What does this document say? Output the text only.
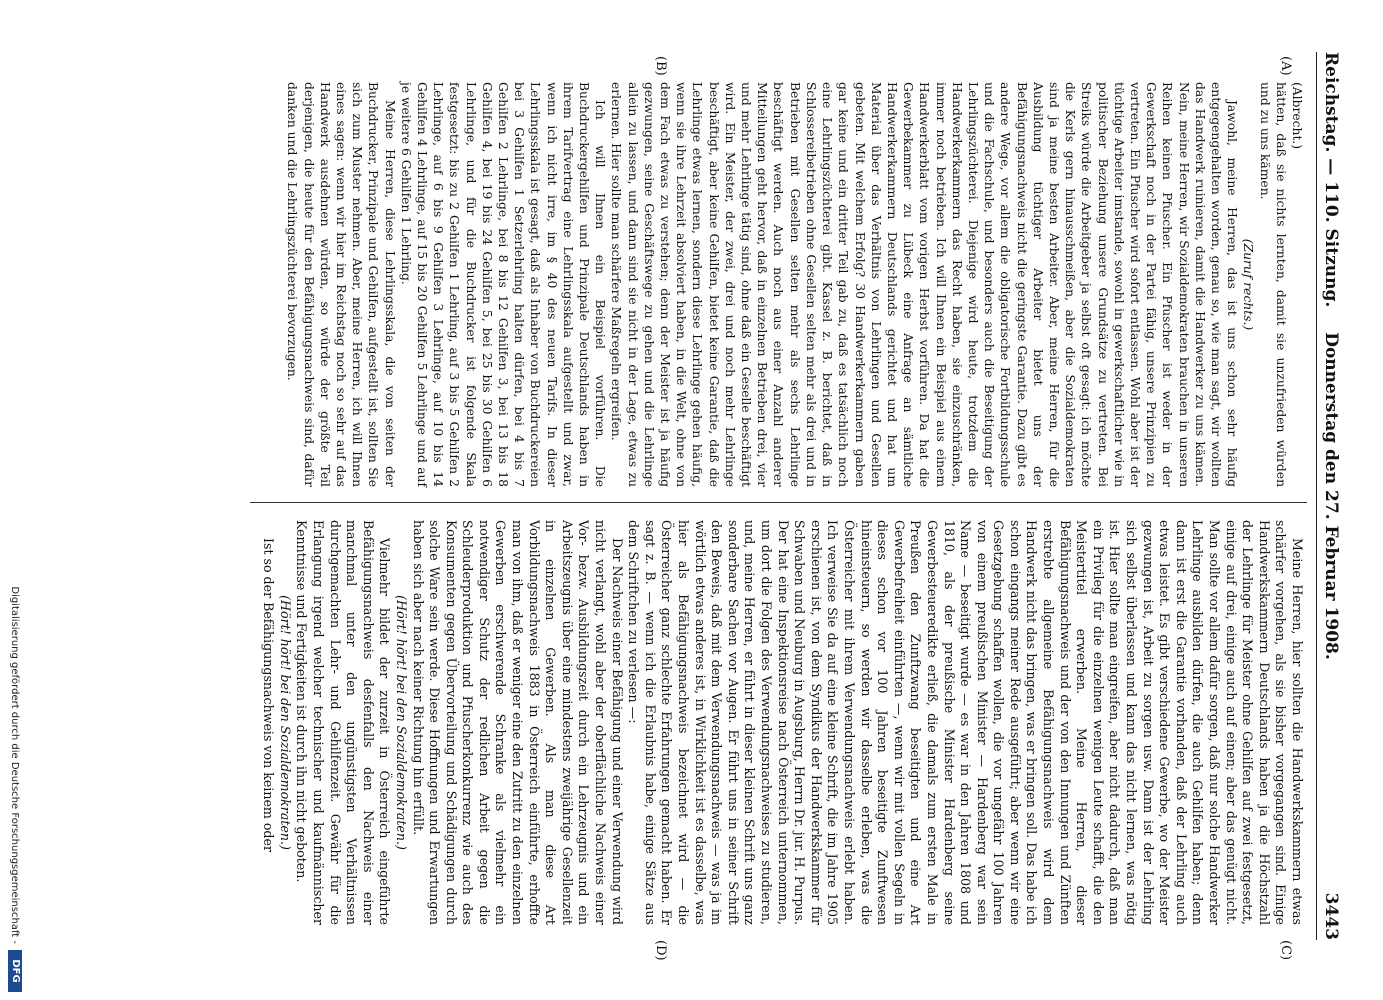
Reichstag. — 110. Sitzung.
Donnerstag den 27. Februar 1908.
3443
(A)
(B)
(C)
(D)

(Albrecht.)

hätten, daß sie nichts lernten, damit sie unzufrieden würden und zu uns kämen.

(Zuruf rechts.)

Jawohl, meine Herren, das ist uns schon sehr häufig entgegengehalten worden, genau so, wie man sagt, wir wollten das Handwerk ruinieren, damit die Handwerker zu uns kämen. Nein, meine Herren, wir Sozialdemokraten brauchen in unseren Reihen keinen Pfuscher. Ein Pfuscher ist weder in der Gewerkschaft noch in der Partei fähig, unsere Prinzipien zu vertreten. Ein Pfuscher wird sofort entlassen. Wohl aber ist der tüchtige Arbeiter imstande, sowohl in gewerkschaftlicher wie in politischer Beziehung unsere Grundsätze zu vertreten. Bei Streiks würde die Arbeitgeber ja selbst oft gesagt: ich möchte die Kerls gern hinausschmeißen, aber die Sozialdemokraten sind ja meine besten Arbeiter. Aber, meine Herren, für die Ausbildung tüchtiger Arbeiter bietet uns der Befähigungsnachweis nicht die geringste Garantie. Dazu gibt es andere Wege, vor allem die obligatorische Fortbildungsschule und die Fachschule, und besonders auch die Beseitigung der Lehrlingszüchterei. Diejenige wird heute, trotzdem die Handwerkerkammern das Recht haben, sie einzuschränken, immer noch betrieben. Ich will Ihnen ein Beispiel aus einem Handwerkerblatt vom vorigen Herbst vorführen. Da hat die Gewerbekammer zu Lübeck eine Anfrage an sämtliche Handwerkerkammern Deutschlands gerichtet und hat um Material über das Verhältnis von Lehrlingen und Gesellen gebeten. Mit welchem Erfolg? 30 Handwerkerkammern gaben gar keine und ein dritter Teil gab zu, daß es tatsächlich noch eine Lehrlingszüchterei gibt. Kassel z. B. berichtet, daß in Schlossereibetrieben ohne Gesellen selten mehr als drei und in Betrieben mit Gesellen selten mehr als sechs Lehrlinge beschäftigt werden. Auch noch aus einer Anzahl anderer Mitteilungen geht hervor, daß in einzelnen Betrieben drei, vier und mehr Lehrlinge tätig sind, ohne daß ein Geselle beschäftigt wird. Ein Meister, der zwei, drei und noch mehr Lehrlinge beschäftigt, aber keine Gehilfen, bietet keine Garantie, daß die Lehrlinge etwas lernen, sondern diese Lehrlinge gehen häufig, wenn sie ihre Lehrzeit absolviert haben, in die Welt, ohne von dem Fach etwas zu verstehen; denn der Meister ist ja häufig gezwungen, seine Geschäftswege zu gehen und die Lehrlinge allein zu lassen, und dann sind sie nicht in der Lage, etwas zu erlernen. Hier sollte man schärfere Maßregeln ergreifen.

Ich will Ihnen ein Beispiel vorführen. Die Buchdruckergehilfen und Prinzipale Deutschlands haben in ihrem Tarifvertrag eine Lehrlingsskala aufgestellt und zwar, wenn ich nicht irre, im § 40 des neuen Tarifs. In dieser Lehrlingsskala ist gesagt, daß als Inhaber von Buchdruckereien bei 3 Gehilfen 1 Setzerlehrling halten dürfen, bei 4 bis 7 Gehilfen 2 Lehrlinge, bei 8 bis 12 Gehilfen 3, bei 13 bis 18 Gehilfen 4, bei 19 bis 24 Gehilfen 5, bei 25 bis 30 Gehilfen 6 Lehrlinge, und für die Buchdrucker ist folgende Skala festgesetzt: bis zu 2 Gehilfen 1 Lehrling, auf 3 bis 5 Gehilfen 2 Lehrlinge, auf 6 bis 9 Gehilfen 3 Lehrlinge, auf 10 bis 14 Gehilfen 4 Lehrlinge, auf 15 bis 20 Gehilfen 5 Lehrlinge und auf je weitere 6 Gehilfen 1 Lehrling.

Meine Herren, diese Lehrlingsskala, die von seiten der Buchdrucker, Prinzipale und Gehilfen, aufgestellt ist, sollten Sie sich zum Muster nehmen. Aber, meine Herren, ich will Ihnen eines sagen: wenn wir hier im Reichstag noch so sehr auf das Handwerk ausdehnen würden, so würde der größte Teil derjenigen, die heute für den Befähigungsnachweis sind, dafür danken und die Lehrlingszüchterei bevorzugen.

Meine Herren, hier sollten die Handwerkskammern etwas schärfer vorgehen, als sie bisher vorgegangen sind. Einige Handwerkskammern Deutschlands haben ja die Höchstzahl der Lehrlinge für Meister ohne Gehilfen auf zwei festgesetzt, einige auf drei, einige auch auf einen; aber das genügt nicht. Man sollte vor allem dafür sorgen, daß nur solche Handwerker Lehrlinge ausbilden dürfen, die auch Gehilfen haben; denn dann ist erst die Garantie vorhanden, daß der Lehrling auch etwas leistet. Es gibt verschiedene Gewerbe, wo der Meister gezwungen ist, Arbeit zu sorgen usw. Dann ist der Lehrling sich selbst überlassen und kann das nicht lernen, was nötig ist. Hier sollte man eingreifen, aber nicht dadurch, daß man ein Privileg für die einzelnen wenigen Leute schafft, die den Meistertitel erwerben. Meine Herren, dieser Befähigungsnachweis und der von den Innungen und Zünften erstrebte allgemeine Befähigungsnachweis wird dem Handwerk nicht das bringen, was er bringen soll. Das habe ich schon eingangs meiner Rede ausgeführt; aber wenn wir eine Gesetzgebung schaffen wollen, die vor ungefähr 100 Jahren von einem preußischen Minister — Hardenberg war sein Name — beseitigt wurde — es war in den Jahren 1808 und 1810, als der preußische Minister Hardenberg seine Gewerbesteueredikte erließ, die damals zum ersten Male in Preußen den Zunftzwang beseitigten und eine Art Gewerbefreiheit einführten —, wenn wir mit vollen Segeln in dieses schon vor 100 Jahren beseitigte Zunftwesen hineinsteuern, so werden wir dasselbe erleben, was die Österreicher mit ihrem Verwendungsnachweis erlebt haben. Ich verweise Sie da auf eine kleine Schrift, die im Jahre 1905 erschienen ist, von dem Syndikus der Handwerkskammer für Schwaben und Neuburg in Augsburg, Herrn Dr. jur. H. Purpus. Der hat eine Inspektionsreise nach Österreich unternommen, um dort die Folgen des Verwendungsnachweises zu studieren, und, meine Herren, er führt in dieser kleinen Schrift uns ganz sonderbare Sachen vor Augen. Er führt uns in seiner Schrift den Beweis, daß mit dem Verwendungsnachweis — was ja im wörtlich etwas anderes ist, in Wirklichkeit ist es dasselbe, was hier als Befähigungsnachweis bezeichnet wird — die Österreicher ganz schlechte Erfahrungen gemacht haben. Er sagt z. B. — wenn ich die Erlaubnis habe, einige Sätze aus dem Schriftchen zu verlesen —:

Der Nachweis einer Befähigung und einer Verwendung wird nicht verlangt, wohl aber der oberflächliche Nachweis einer Vor- bezw. Ausbildungszeit durch ein Lehrzeugnis und ein Arbeitszeugnis über eine mindestens zweijährige Gesellenzeit in einzelnen Gewerben. Als man diese Art Vorbildungsnachweis 1883 in Österreich einführte, erhoffte man von ihm, daß er weniger eine den Zutritt zu den einzelnen Gewerben erschwerende Schranke als vielmehr ein notwendiger Schutz der redlichen Arbeit gegen die Schleuderproduktion und Pfuscherkonkurrenz wie auch des Konsumenten gegen Übervorteilung und Schädigungen durch solche Ware sein werde. Diese Hoffnungen und Erwartungen haben sich aber nach keiner Richtung hin erfüllt.

(Hört! hört! bei den Sozialdemokraten.)

Vielmehr bildet der zurzeit in Österreich eingeführte Befähigungsnachweis desfenfalls den Nachweis einer manchmal unter den ungünstigsten Verhältnissen durchgemachten Lehr- und Gehilfenzeit. Gewähr für die Erlangung irgend welcher technischer und kaufmännischer Kenntnisse und Fertigkeiten ist durch ihn nicht geboten.

(Hört! hört! bei den Sozialdemokraten.)

Ist so der Befähigungsnachweis von keinem oder

Digitalisierung gefördert durch die Deutsche Forschungsgemeinschaft -
DFG
